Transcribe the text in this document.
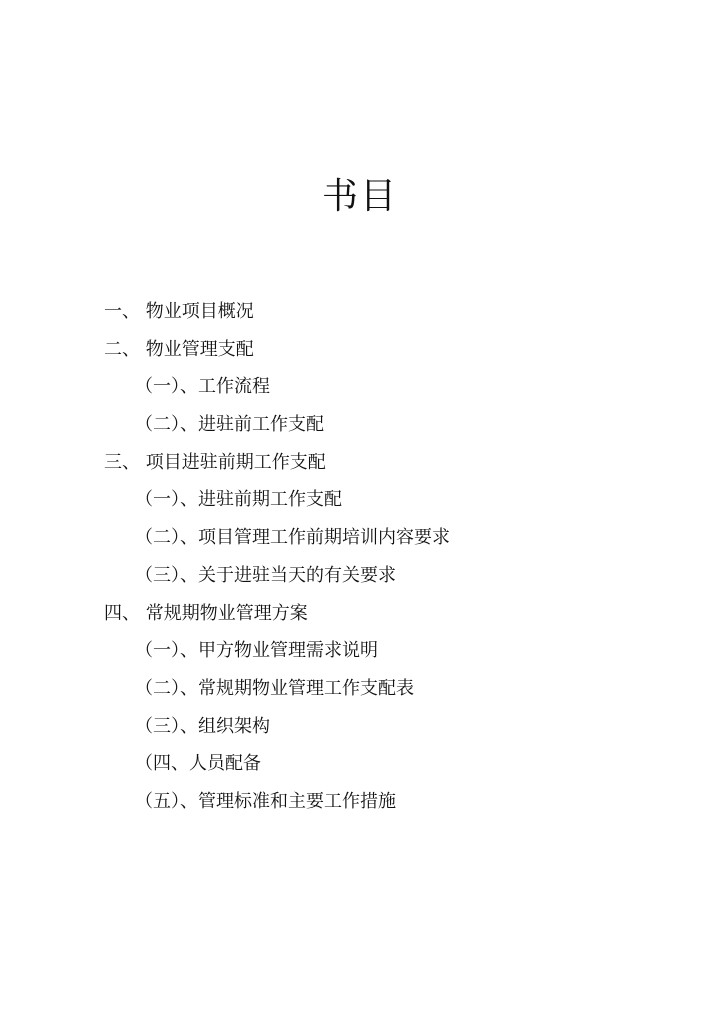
书目
一、 物业项目概况
二、 物业管理支配
（一）、工作流程
（二）、进驻前工作支配
三、 项目进驻前期工作支配
（一）、进驻前期工作支配
（二）、项目管理工作前期培训内容要求
（三）、关于进驻当天的有关要求
四、 常规期物业管理方案
（一）、甲方物业管理需求说明
（二）、常规期物业管理工作支配表
（三）、组织架构
（四、人员配备
（五）、管理标准和主要工作措施
